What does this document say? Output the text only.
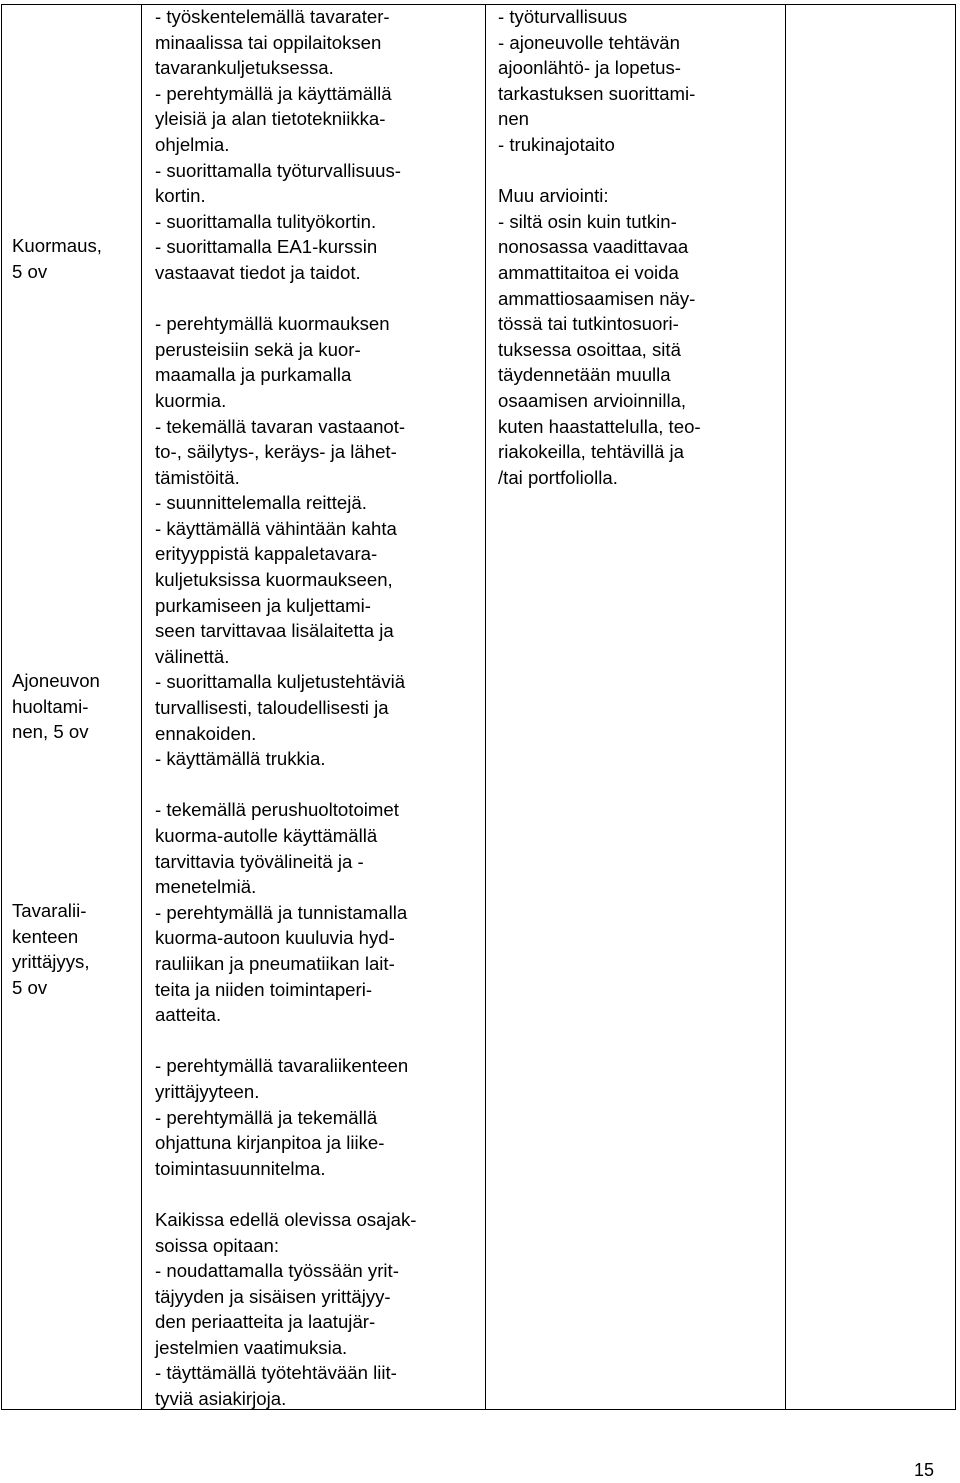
Kuormaus,
5 ov
Ajoneuvon
huoltami-
nen, 5 ov
Tavaralii-
kenteen
yrittäjyys,
5 ov
- työskentelemällä tavarater-
minaalissa tai oppilaitoksen
tavarankuljetuksessa.
- perehtymällä ja käyttämällä
yleisiä ja alan tietotekniikka-
ohjelmia.
- suorittamalla työturvallisuus-
kortin.
- suorittamalla tulityökortin.
- suorittamalla EA1-kurssin
vastaavat tiedot ja taidot.
- perehtymällä kuormauksen
perusteisiin sekä ja kuor-
maamalla ja purkamalla
kuormia.
- tekemällä tavaran vastaanot-
to-, säilytys-, keräys- ja lähet-
tämistöitä.
- suunnittelemalla reittejä.
- käyttämällä vähintään kahta
erityyppistä kappaletavara-
kuljetuksissa kuormaukseen,
purkamiseen ja kuljettami-
seen tarvittavaa lisälaitetta ja
välinettä.
- suorittamalla kuljetustehtäviä
turvallisesti, taloudellisesti ja
ennakoiden.
- käyttämällä trukkia.
- tekemällä perushuoltotoimet
kuorma-autolle käyttämällä
tarvittavia työvälineitä ja -
menetelmiä.
- perehtymällä ja tunnistamalla
kuorma-autoon kuuluvia hyd-
rauliikan ja pneumatiikan lait-
teita ja niiden toimintaperi-
aatteita.
- perehtymällä tavaraliikenteen
yrittäjyyteen.
- perehtymällä ja tekemällä
ohjattuna kirjanpitoa ja liike-
toimintasuunnitelma.
Kaikissa edellä olevissa osajak-
soissa opitaan:
- noudattamalla työssään yrit-
täjyyden ja sisäisen yrittäjyy-
den periaatteita ja laatujär-
jestelmien vaatimuksia.
- täyttämällä työtehtävään liit-
tyviä asiakirjoja.
- työturvallisuus
- ajoneuvolle tehtävän
ajoonlähtö- ja lopetus-
tarkastuksen suorittami-
nen
- trukinajotaito
Muu arviointi:
- siltä osin kuin tutkin-
nonosassa vaadittavaa
ammattitaitoa ei voida
ammattiosaamisen näy-
tössä tai tutkintosuori-
tuksessa osoittaa, sitä
täydennetään muulla
osaamisen arvioinnilla,
kuten haastattelulla, teo-
riakokeilla, tehtävillä ja
/tai portfoliolla.
15
